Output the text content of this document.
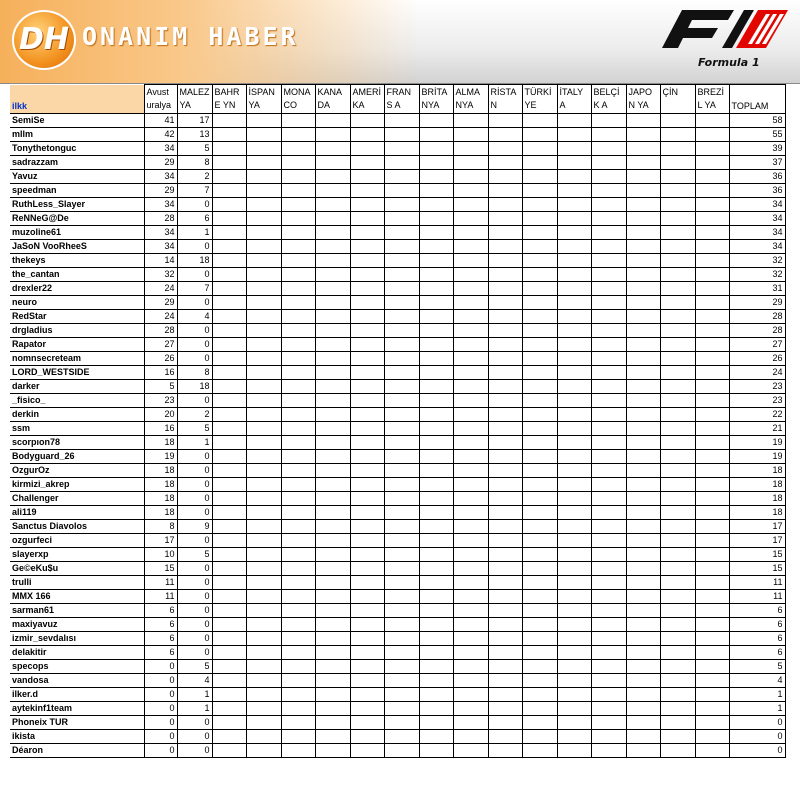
DH ONANIM HABER
Formula 1
ilkk	Avust uralya	MALEZ YA	BAHRE YN	İSPAN YA	MONA CO	KANA DA	AMERİ KA	FRANS A	BRİTA NYA	ALMA NYA	RİSTA N	TÜRKİ YE	İTALY A	BELÇİK A	JAPON YA	ÇİN	BREZİL YA	TOPLAM
SemiSe	41	17																58
mllm	42	13																55
Tonythetonguc	34	5																39
sadrazzam	29	8																37
Yavuz	34	2																36
speedman	29	7																36
RuthLess_Slayer	34	0																34
ReNNeG@De	28	6																34
muzoline61	34	1																34
JaSoN VooRheeS	34	0																34
thekeys	14	18																32
the_cantan	32	0																32
drexler22	24	7																31
neuro	29	0																29
RedStar	24	4																28
drgladius	28	0																28
Rapator	27	0																27
nomnsecreteam	26	0																26
LORD_WESTSIDE	16	8																24
darker	5	18																23
_fisico_	23	0																23
derkin	20	2																22
ssm	16	5																21
scorpıon78	18	1																19
Bodyguard_26	19	0																19
OzgurOz	18	0																18
kirmizi_akrep	18	0																18
Challenger	18	0																18
ali119	18	0																18
Sanctus Diavolos	8	9																17
ozgurfeci	17	0																17
slayerxp	10	5																15
Ge©eKu$u	15	0																15
trulli	11	0																11
MMX 166	11	0																11
sarman61	6	0																6
maxiyavuz	6	0																6
izmir_sevdalısı	6	0																6
delakitir	6	0																6
specops	0	5																5
vandosa	0	4																4
ilker.d	0	1																1
aytekinf1team	0	1																1
Phoneix TUR	0	0																0
ikista	0	0																0
Déaron	0	0																0
